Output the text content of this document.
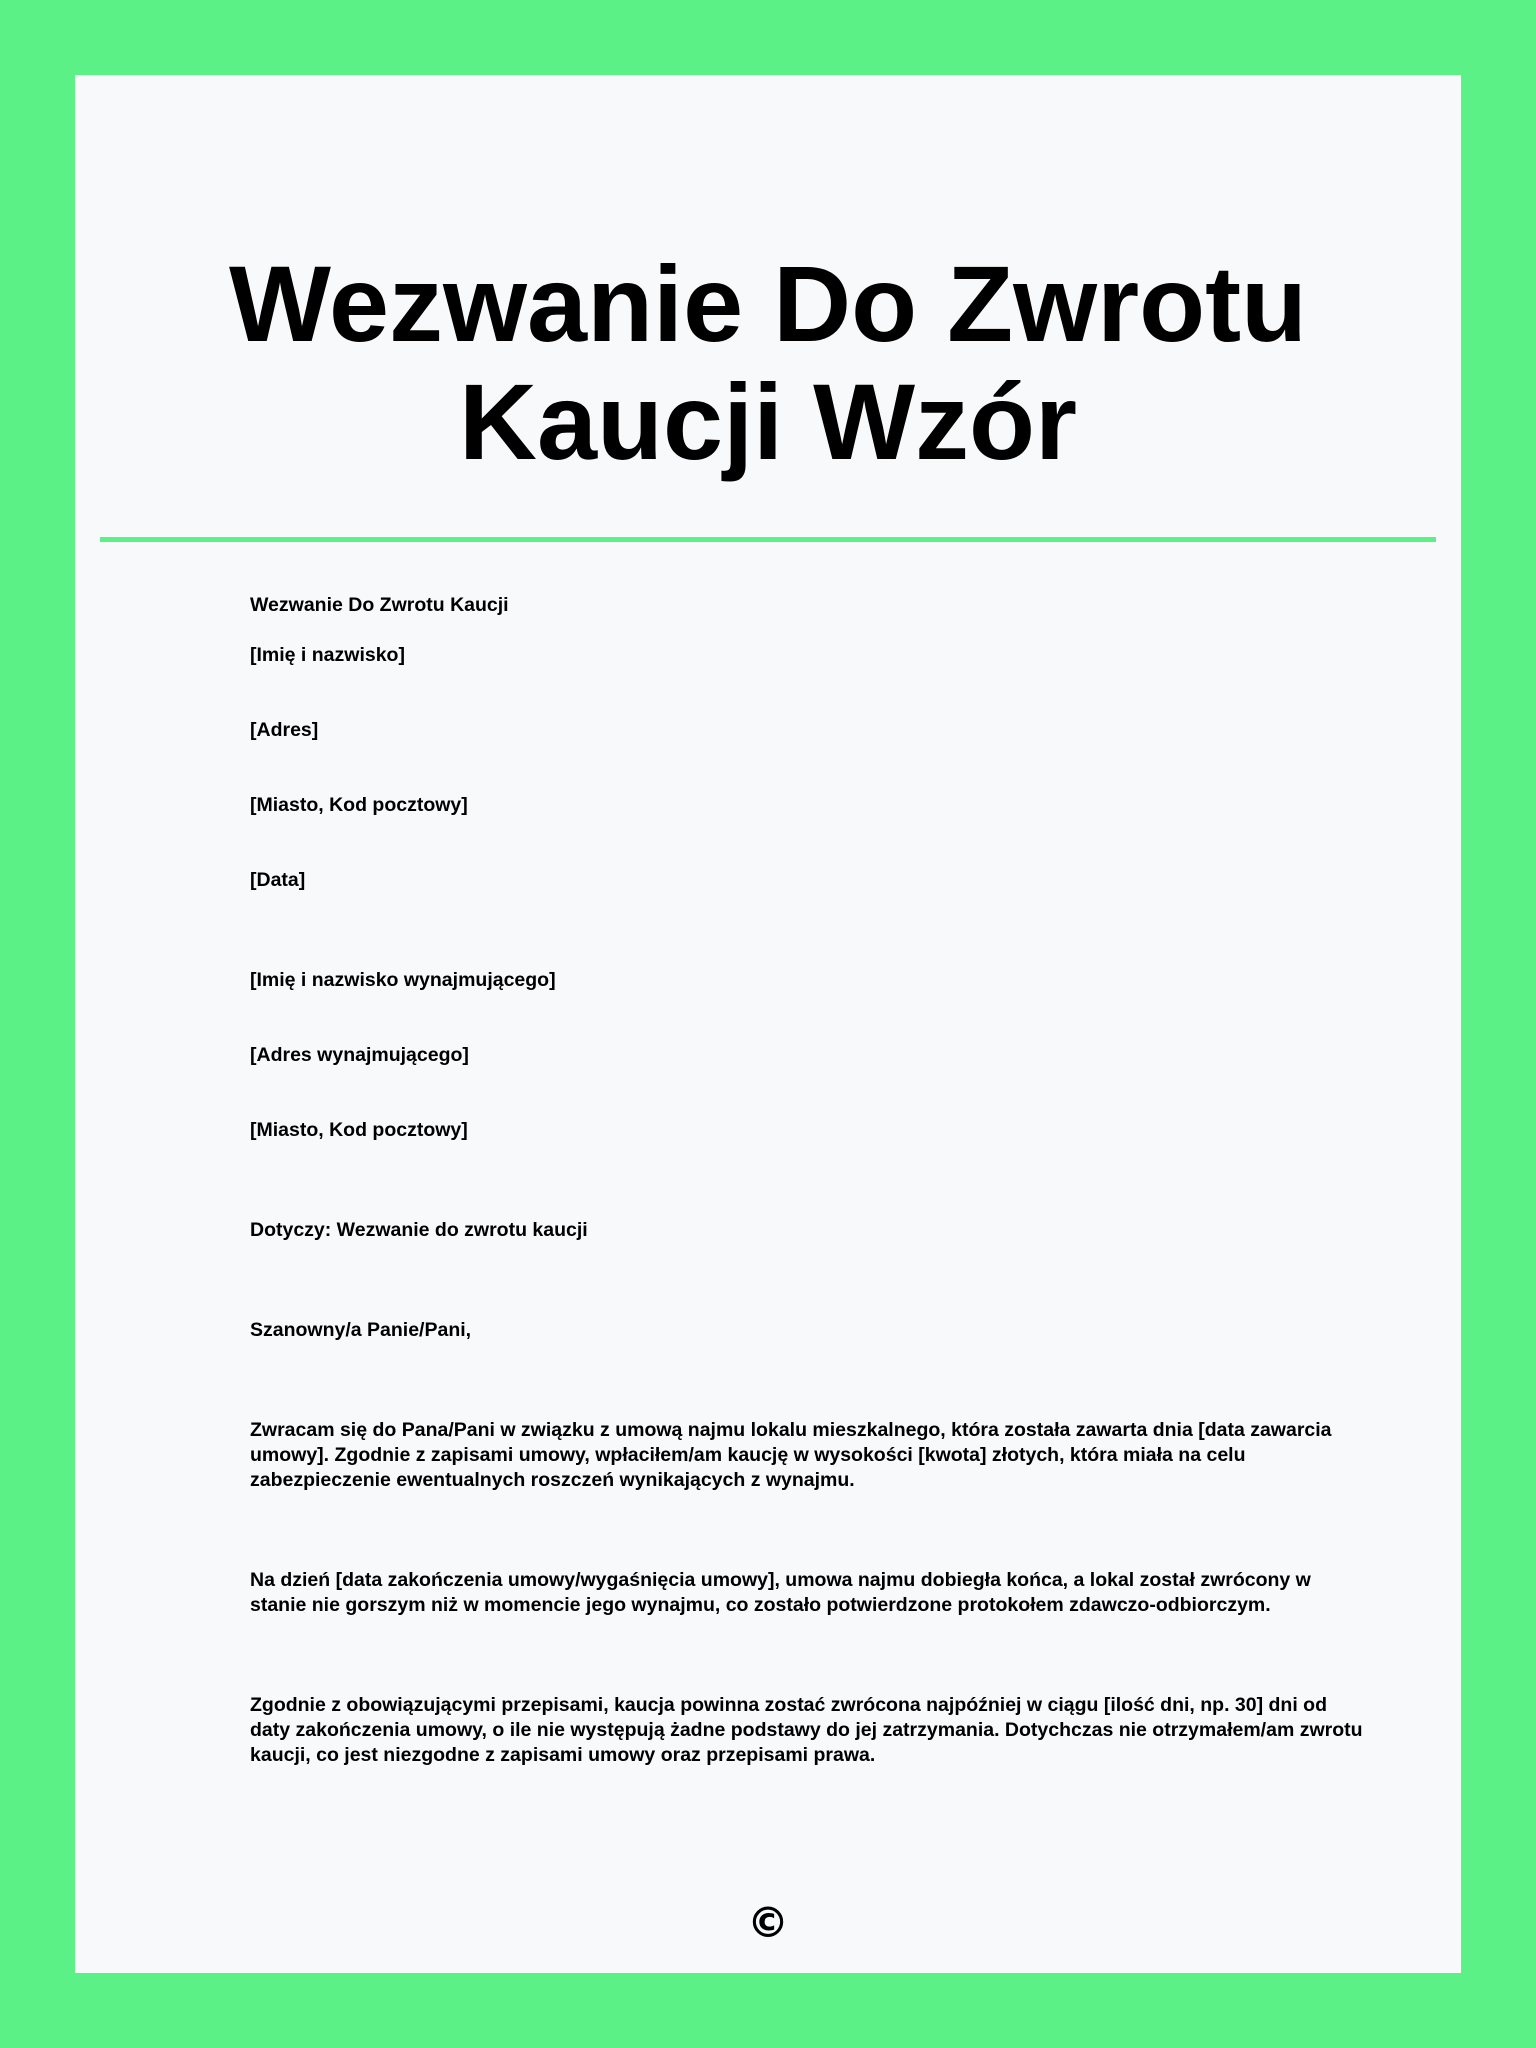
Wezwanie Do Zwrotu Kaucji Wzór

Wezwanie Do Zwrotu Kaucji

[Imię i nazwisko]

[Adres]

[Miasto, Kod pocztowy]

[Data]

[Imię i nazwisko wynajmującego]

[Adres wynajmującego]

[Miasto, Kod pocztowy]

Dotyczy: Wezwanie do zwrotu kaucji

Szanowny/a Panie/Pani,

Zwracam się do Pana/Pani w związku z umową najmu lokalu mieszkalnego, która została zawarta dnia [data zawarcia umowy]. Zgodnie z zapisami umowy, wpłaciłem/am kaucję w wysokości [kwota] złotych, która miała na celu zabezpieczenie ewentualnych roszczeń wynikających z wynajmu.

Na dzień [data zakończenia umowy/wygaśnięcia umowy], umowa najmu dobiegła końca, a lokal został zwrócony w stanie nie gorszym niż w momencie jego wynajmu, co zostało potwierdzone protokołem zdawczo-odbiorczym.

Zgodnie z obowiązującymi przepisami, kaucja powinna zostać zwrócona najpóźniej w ciągu [ilość dni, np. 30] dni od daty zakończenia umowy, o ile nie występują żadne podstawy do jej zatrzymania. Dotychczas nie otrzymałem/am zwrotu kaucji, co jest niezgodne z zapisami umowy oraz przepisami prawa.

©
